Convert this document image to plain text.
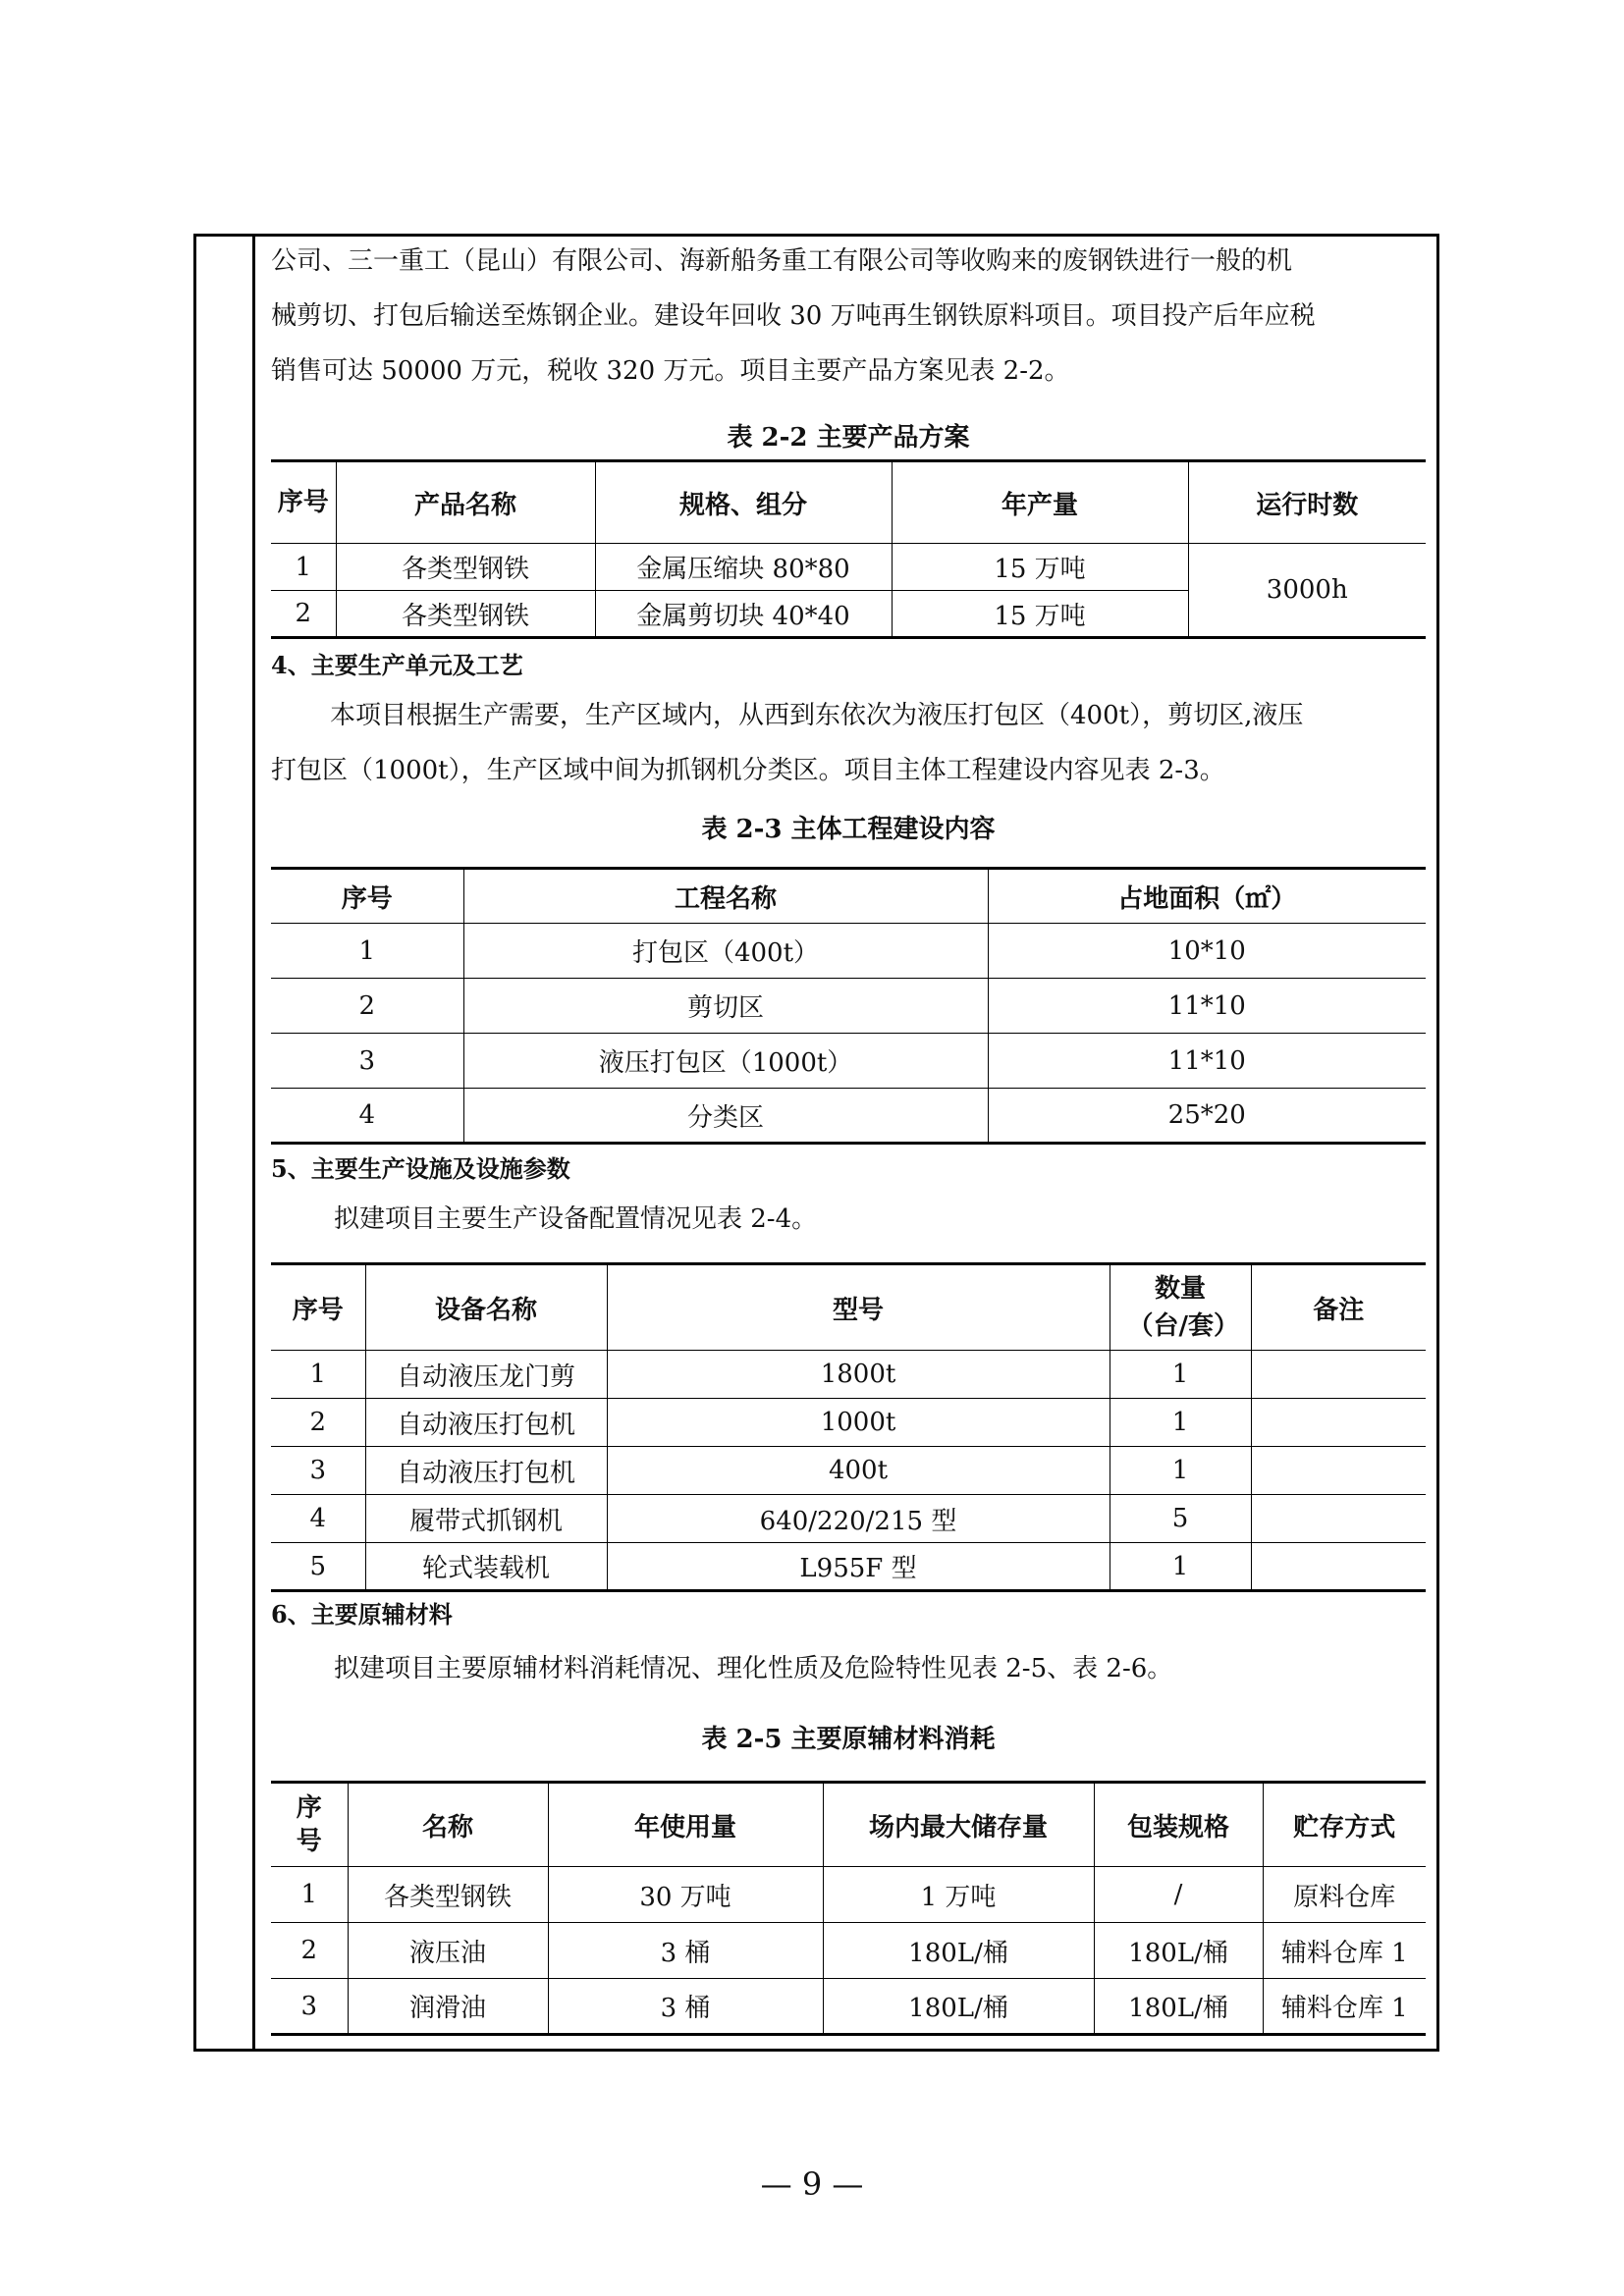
公司、三一重工（昆山）有限公司、海新船务重工有限公司等收购来的废钢铁进行一般的机

械剪切、打包后输送至炼钢企业。建设年回收 30 万吨再生钢铁原料项目。项目投产后年应税

销售可达 50000 万元，税收 320 万元。项目主要产品方案见表 2-2。

表 2-2 主要产品方案
序号	产品名称	规格、组分	年产量	运行时数
1	各类型钢铁	金属压缩块 80*80	15 万吨	3000h
2	各类型钢铁	金属剪切块 40*40	15 万吨	
4、主要生产单元及工艺

本项目根据生产需要，生产区域内，从西到东依次为液压打包区（400t），剪切区,液压

打包区（1000t），生产区域中间为抓钢机分类区。项目主体工程建设内容见表 2-3。

表 2-3 主体工程建设内容
序号	工程名称	占地面积（㎡）
1	打包区（400t）	10*10
2	剪切区	11*10
3	液压打包区（1000t）	11*10
4	分类区	25*20
5、主要生产设施及设施参数

拟建项目主要生产设备配置情况见表 2-4。

序号	设备名称	型号	数量（台/套）	备注
1	自动液压龙门剪	1800t	1	
2	自动液压打包机	1000t	1	
3	自动液压打包机	400t	1	
4	履带式抓钢机	640/220/215 型	5	
5	轮式装载机	L955F 型	1	
6、主要原辅材料

拟建项目主要原辅材料消耗情况、理化性质及危险特性见表 2-5、表 2-6。

表 2-5 主要原辅材料消耗
序号	名称	年使用量	场内最大储存量	包装规格	贮存方式
1	各类型钢铁	30 万吨	1 万吨	/	原料仓库
2	液压油	3 桶	180L/桶	180L/桶	辅料仓库 1
3	润滑油	3 桶	180L/桶	180L/桶	辅料仓库 1
— 9 —
